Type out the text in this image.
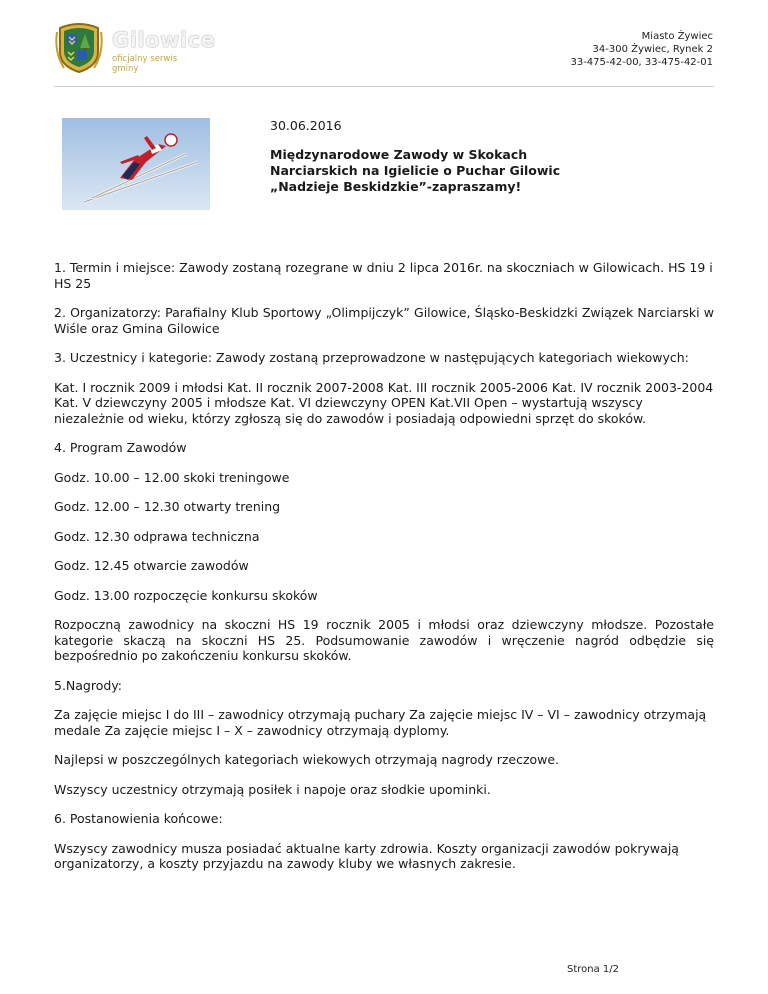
Gilowice
oficjalny serwis gminy
Miasto Żywiec
34-300 Żywiec, Rynek 2
33-475-42-00, 33-475-42-01
30.06.2016
Międzynarodowe Zawody w Skokach Narciarskich na Igielicie o Puchar Gilowic „Nadzieje Beskidzkie”-zapraszamy!

1. Termin i miejsce: Zawody zostaną rozegrane w dniu 2 lipca 2016r. na skoczniach w Gilowicach. HS 19 i HS 25

2. Organizatorzy: Parafialny Klub Sportowy „Olimpijczyk” Gilowice, Śląsko-Beskidzki Związek Narciarski w Wiśle oraz Gmina Gilowice

3. Uczestnicy i kategorie: Zawody zostaną przeprowadzone w następujących kategoriach wiekowych:

Kat. I rocznik 2009 i młodsi Kat. II rocznik 2007-2008 Kat. III rocznik 2005-2006 Kat. IV rocznik 2003-2004 Kat. V dziewczyny 2005 i młodsze Kat. VI dziewczyny OPEN Kat.VII Open – wystartują wszyscy niezależnie od wieku, którzy zgłoszą się do zawodów i posiadają odpowiedni sprzęt do skoków.

4. Program Zawodów

Godz. 10.00 – 12.00 skoki treningowe

Godz. 12.00 – 12.30 otwarty trening

Godz. 12.30 odprawa techniczna

Godz. 12.45 otwarcie zawodów

Godz. 13.00 rozpoczęcie konkursu skoków

Rozpoczną zawodnicy na skoczni HS 19 rocznik 2005 i młodsi oraz dziewczyny młodsze. Pozostałe kategorie skaczą na skoczni HS 25. Podsumowanie zawodów i wręczenie nagród odbędzie się bezpośrednio po zakończeniu konkursu skoków.

5.Nagrody:

Za zajęcie miejsc I do III – zawodnicy otrzymają puchary Za zajęcie miejsc IV – VI – zawodnicy otrzymają medale Za zajęcie miejsc I – X – zawodnicy otrzymają dyplomy.

Najlepsi w poszczególnych kategoriach wiekowych otrzymają nagrody rzeczowe.

Wszyscy uczestnicy otrzymają posiłek i napoje oraz słodkie upominki.

6. Postanowienia końcowe:

Wszyscy zawodnicy musza posiadać aktualne karty zdrowia. Koszty organizacji zawodów pokrywają organizatorzy, a koszty przyjazdu na zawody kluby we własnych zakresie.

Strona 1/2
